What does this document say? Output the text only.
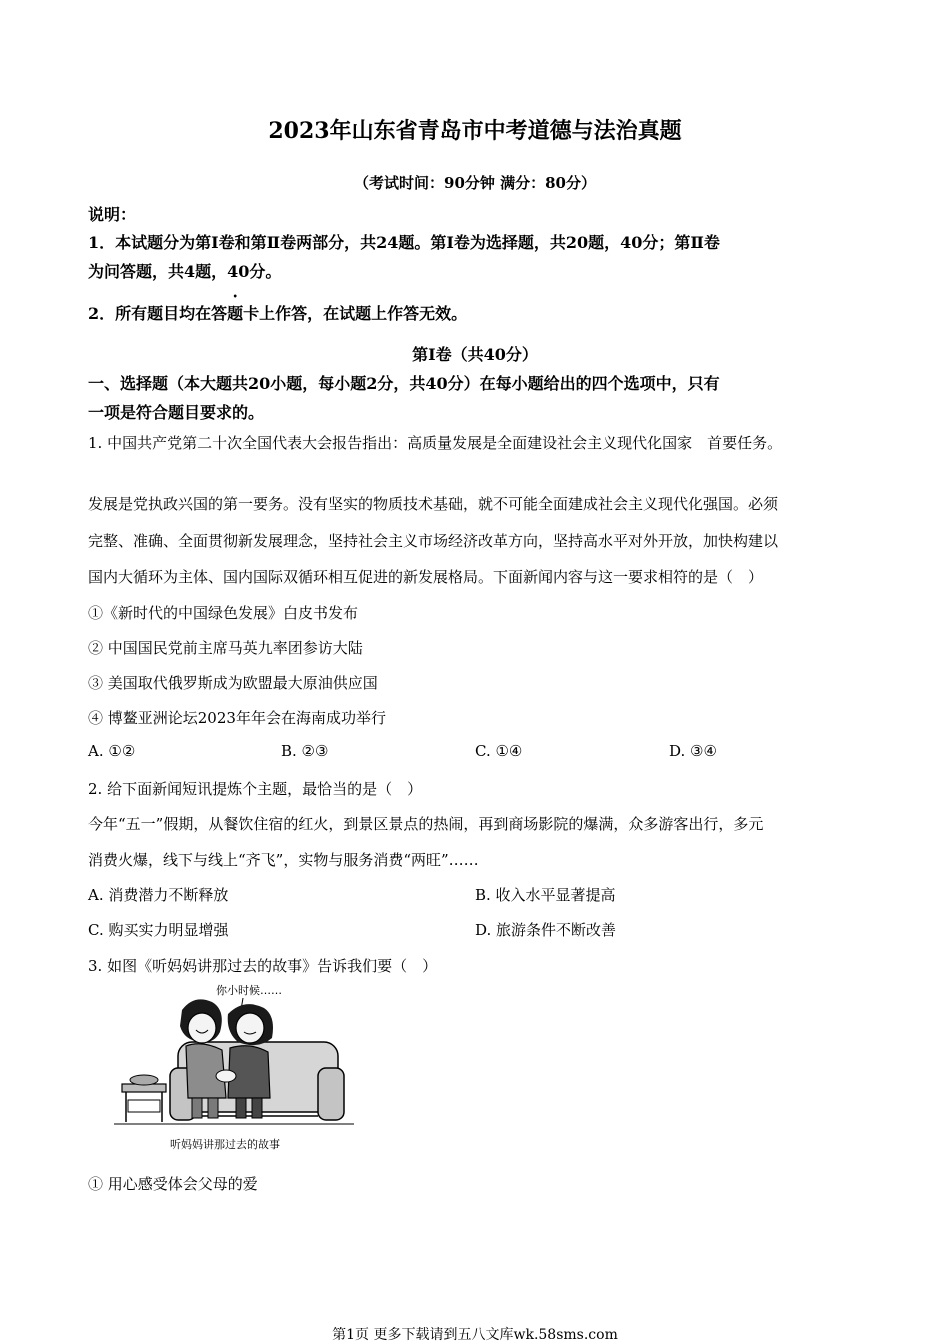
2023年山东省青岛市中考道德与法治真题
（考试时间：90分钟 满分：80分）
说明：
1．本试题分为第Ⅰ卷和第Ⅱ卷两部分，共24题。第Ⅰ卷为选择题，共20题，40分；第Ⅱ卷
为问答题，共4题，40分。
2．所有题目均在答题卡上作答，在试题上作答无效。
第Ⅰ卷（共40分）
一、选择题（本大题共20小题，每小题2分，共40分）在每小题给出的四个选项中，只有
一项是符合题目要求的。
1. 中国共产党第二十次全国代表大会报告指出：高质量发展是全面建设社会主义现代化国家　首要任务。
发展是党执政兴国的第一要务。没有坚实的物质技术基础，就不可能全面建成社会主义现代化强国。必须
完整、准确、全面贯彻新发展理念，坚持社会主义市场经济改革方向，坚持高水平对外开放，加快构建以
国内大循环为主体、国内国际双循环相互促进的新发展格局。下面新闻内容与这一要求相符的是（　）
①《新时代的中国绿色发展》白皮书发布
② 中国国民党前主席马英九率团参访大陆
③ 美国取代俄罗斯成为欧盟最大原油供应国
④ 博鳌亚洲论坛2023年年会在海南成功举行
A. ①②	B. ②③	C. ①④	D. ③④
2. 给下面新闻短讯提炼个主题，最恰当的是（　）
今年“五一”假期，从餐饮住宿的红火，到景区景点的热闹，再到商场影院的爆满，众多游客出行，多元
消费火爆，线下与线上“齐飞”，实物与服务消费“两旺”……
A. 消费潜力不断释放	B. 收入水平显著提高
C. 购买实力明显增强	D. 旅游条件不断改善
3. 如图《听妈妈讲那过去的故事》告诉我们要（　）
你小时候……
听妈妈讲那过去的故事
① 用心感受体会父母的爱
第1页 更多下载请到五八文库wk.58sms.com
